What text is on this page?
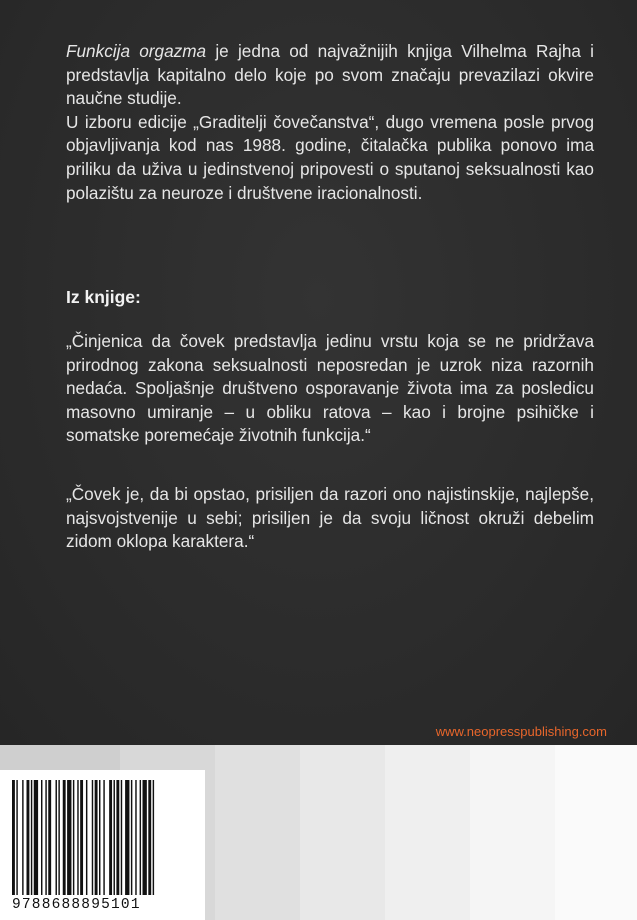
Funkcija orgazma je jedna od najvažnijih knjiga Vilhelma Rajha i predstavlja kapitalno delo koje po svom značaju prevazilazi okvire naučne studije.

U izboru edicije „Graditelji čovečanstva“, dugo vremena posle prvog objavljivanja kod nas 1988. godine, čitalačka publika ponovo ima priliku da uživa u jedinstvenoj pripovesti o sputanoj seksualnosti kao polazištu za neuroze i društvene iracionalnosti.

Iz knjige:

„Činjenica da čovek predstavlja jedinu vrstu koja se ne pridržava prirodnog zakona seksualnosti neposredan je uzrok niza razornih nedaća. Spoljašnje društveno osporavanje života ima za posledicu masovno umiranje – u obliku ratova – kao i brojne psihičke i somatske poremećaje životnih funkcija.“

„Čovek je, da bi opstao, prisiljen da razori ono najistinskije, najlepše, najsvojstvenije u sebi; prisiljen je da svoju ličnost okruži debelim zidom oklopa karaktera.“

www.neopresspublishing.com
9788688895101
